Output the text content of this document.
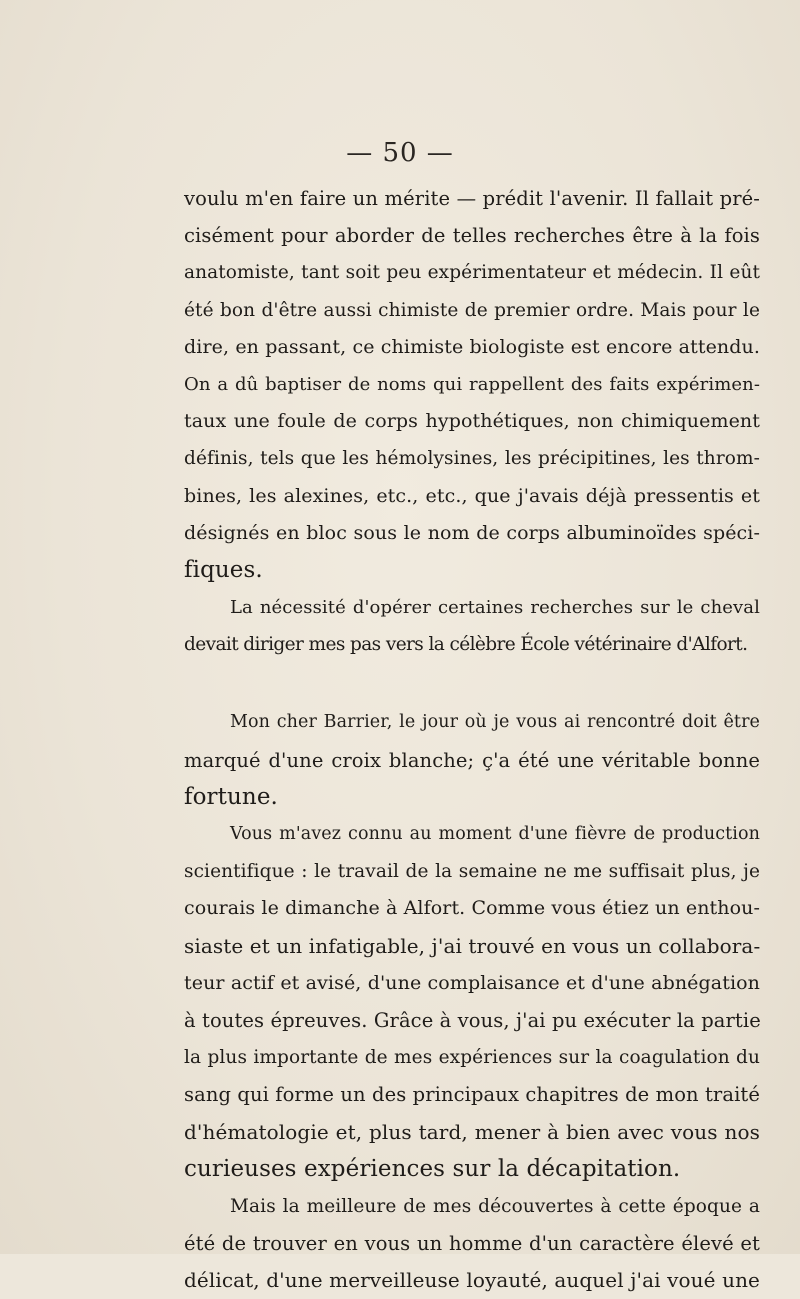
— 50 —
voulu m'en faire un mérite — prédit l'avenir. Il fallait pré-
cisément pour aborder de telles recherches être à la fois
anatomiste, tant soit peu expérimentateur et médecin. Il eût
été bon d'être aussi chimiste de premier ordre. Mais pour le
dire, en passant, ce chimiste biologiste est encore attendu.
On a dû baptiser de noms qui rappellent des faits expérimen-
taux une foule de corps hypothétiques, non chimiquement
définis, tels que les hémolysines, les précipitines, les throm-
bines, les alexines, etc., etc., que j'avais déjà pressentis et
désignés en bloc sous le nom de corps albuminoïdes spéci-
fiques.
La nécessité d'opérer certaines recherches sur le cheval
devait diriger mes pas vers la célèbre École vétérinaire d'Alfort.
Mon cher Barrier, le jour où je vous ai rencontré doit être
marqué d'une croix blanche; ç'a été une véritable bonne
fortune.
Vous m'avez connu au moment d'une fièvre de production
scientifique : le travail de la semaine ne me suffisait plus, je
courais le dimanche à Alfort. Comme vous étiez un enthou-
siaste et un infatigable, j'ai trouvé en vous un collabora-
teur actif et avisé, d'une complaisance et d'une abnégation
à toutes épreuves. Grâce à vous, j'ai pu exécuter la partie
la plus importante de mes expériences sur la coagulation du
sang qui forme un des principaux chapitres de mon traité
d'hématologie et, plus tard, mener à bien avec vous nos
curieuses expériences sur la décapitation.
Mais la meilleure de mes découvertes à cette époque a
été de trouver en vous un homme d'un caractère élevé et
délicat, d'une merveilleuse loyauté, auquel j'ai voué une
